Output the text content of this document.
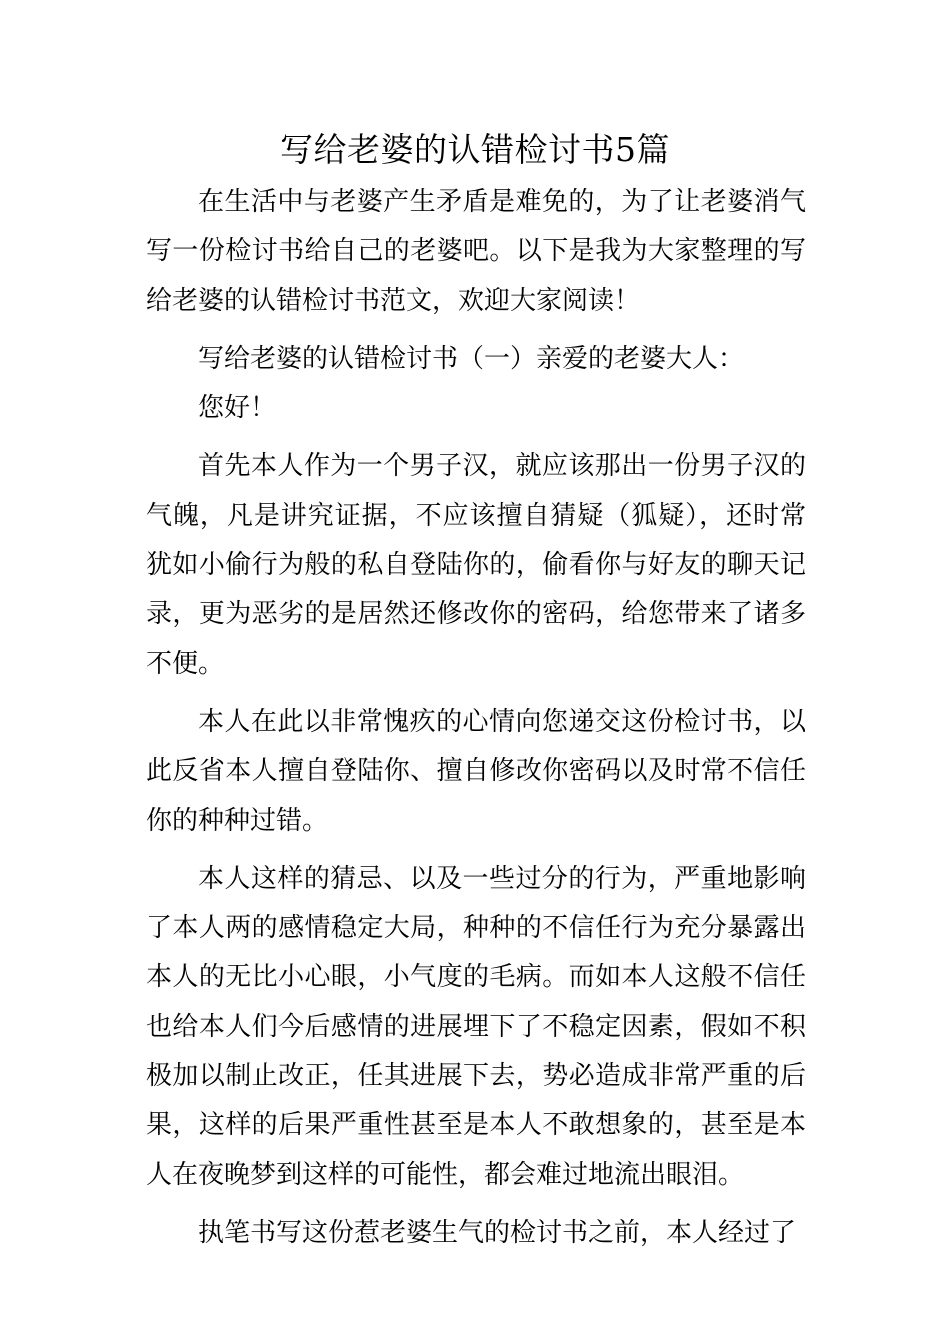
写给老婆的认错检讨书5篇

在生活中与老婆产生矛盾是难免的，为了让老婆消气写一份检讨书给自己的老婆吧。以下是我为大家整理的写给老婆的认错检讨书范文，欢迎大家阅读！

写给老婆的认错检讨书（一）亲爱的老婆大人：

您好！

首先本人作为一个男子汉，就应该那出一份男子汉的气魄，凡是讲究证据，不应该擅自猜疑（狐疑），还时常犹如小偷行为般的私自登陆你的，偷看你与好友的聊天记录，更为恶劣的是居然还修改你的密码，给您带来了诸多不便。

本人在此以非常愧疚的心情向您递交这份检讨书，以此反省本人擅自登陆你、擅自修改你密码以及时常不信任你的种种过错。

本人这样的猜忌、以及一些过分的行为，严重地影响了本人两的感情稳定大局，种种的不信任行为充分暴露出本人的无比小心眼，小气度的毛病。而如本人这般不信任也给本人们今后感情的进展埋下了不稳定因素，假如不积极加以制止改正，任其进展下去，势必造成非常严重的后果，这样的后果严重性甚至是本人不敢想象的，甚至是本人在夜晚梦到这样的可能性，都会难过地流出眼泪。

执笔书写这份惹老婆生气的检讨书之前，本人经过了
